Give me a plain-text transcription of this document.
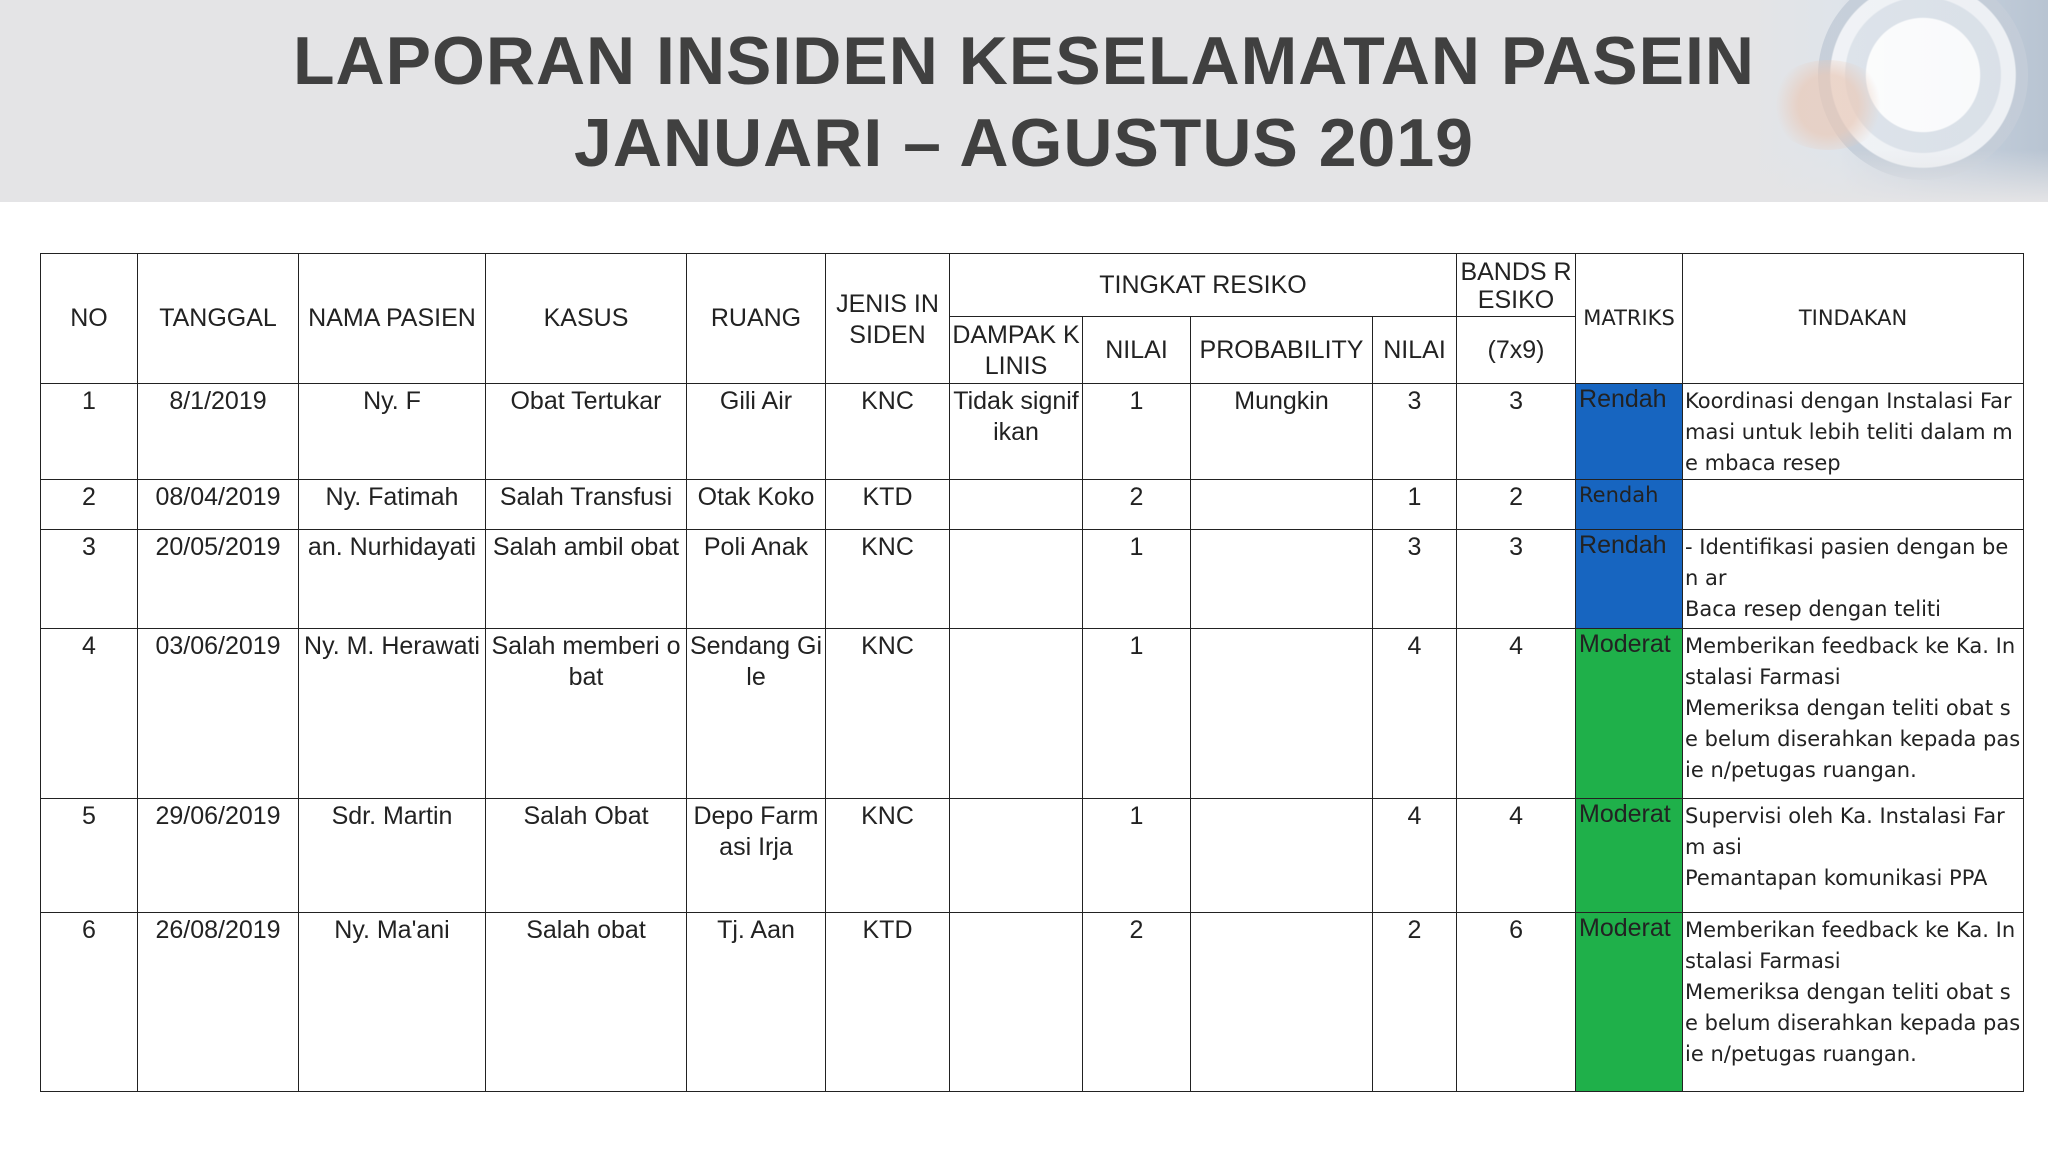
LAPORAN INSIDEN KESELAMATAN PASEIN
JANUARI – AGUSTUS 2019
NO	TANGGAL	NAMA PASIEN	KASUS	RUANG	JENIS IN SIDEN	TINGKAT RESIKO				BANDS R ESIKO	MATRIKS	TINDAKAN

						DAMPAK KLINIS	NILAI	PROBABILITY	NILAI	(7x9)		

1	8/1/2019	Ny. F	Obat Tertukar	Gili Air	KNC	Tidak signif ikan	1	Mungkin	3	3	Rendah	Koordinasi dengan Instalasi Far masi untuk lebih teliti dalam me mbaca resep

2	08/04/2019	Ny. Fatimah	Salah Transfusi	Otak Koko	KTD		2		1	2	Rendah	

3	20/05/2019	an. Nurhidayati	Salah ambil obat	Poli Anak	KNC		1		3	3	Rendah	- Identifikasi pasien dengan ben ar
Baca resep dengan teliti

4	03/06/2019	Ny. M. Herawati	Salah memberi o bat	Sendang Gi le	KNC		1		4	4	Moderat	Memberikan feedback ke Ka. In stalasi Farmasi
Memeriksa dengan teliti obat se belum diserahkan kepada pasie n/petugas ruangan.

5	29/06/2019	Sdr. Martin	Salah Obat	Depo Farm asi Irja	KNC		1		4	4	Moderat	Supervisi oleh Ka. Instalasi Farm asi
Pemantapan komunikasi PPA

6	26/08/2019	Ny. Ma'ani	Salah obat	Tj. Aan	KTD		2		2	6	Moderat	Memberikan feedback ke Ka. In stalasi Farmasi
Memeriksa dengan teliti obat se belum diserahkan kepada pasie n/petugas ruangan.
